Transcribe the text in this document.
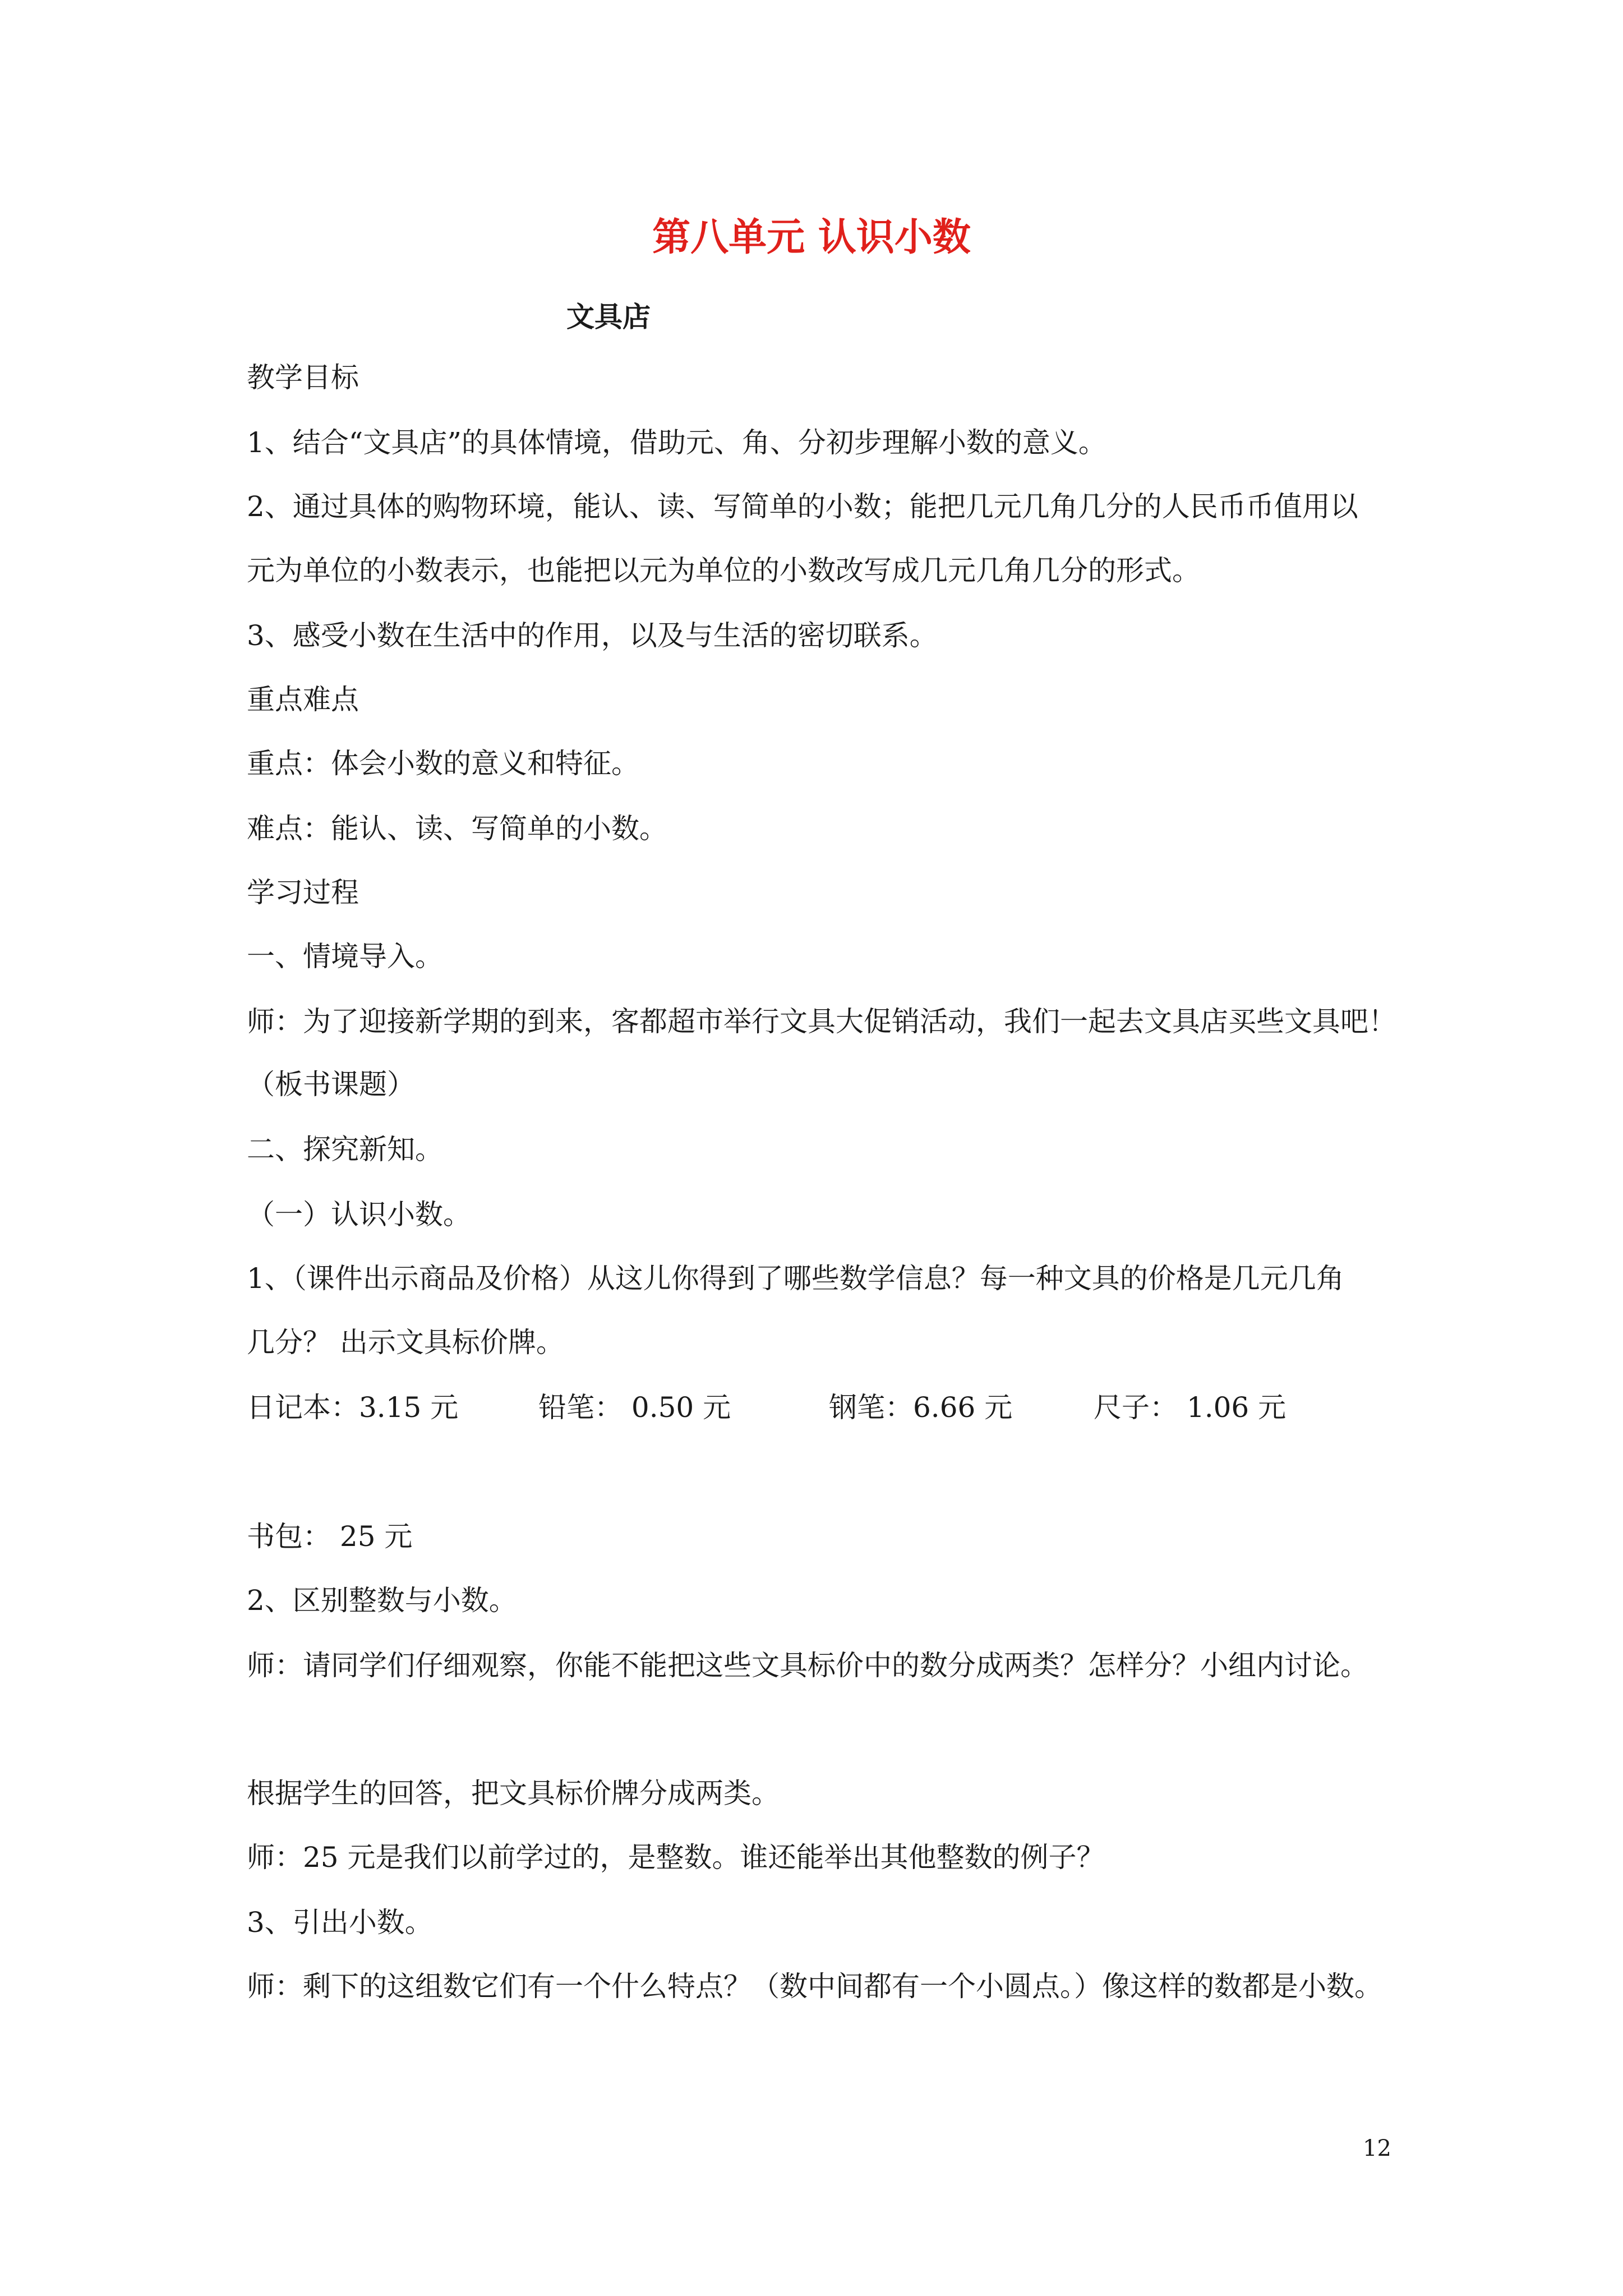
第八单元 认识小数
文具店
教学目标
1、结合“文具店”的具体情境，借助元、角、分初步理解小数的意义。
2、通过具体的购物环境，能认、读、写简单的小数；能把几元几角几分的人民币币值用以
元为单位的小数表示，也能把以元为单位的小数改写成几元几角几分的形式。
3、感受小数在生活中的作用，以及与生活的密切联系。
重点难点
重点：体会小数的意义和特征。
难点：能认、读、写简单的小数。
学习过程
一、情境导入。
师：为了迎接新学期的到来，客都超市举行文具大促销活动，我们一起去文具店买些文具吧！
（板书课题）
二、探究新知。
（一）认识小数。
1、（课件出示商品及价格）从这儿你得到了哪些数学信息？每一种文具的价格是几元几角
几分？ 出示文具标价牌。
日记本：3.15 元	铅笔： 0.50 元	钢笔：6.66 元	尺子： 1.06 元
书包： 25 元
2、区别整数与小数。
师：请同学们仔细观察，你能不能把这些文具标价中的数分成两类？怎样分？小组内讨论。
根据学生的回答，把文具标价牌分成两类。
师：25 元是我们以前学过的，是整数。谁还能举出其他整数的例子？
3、引出小数。
师：剩下的这组数它们有一个什么特点？（数中间都有一个小圆点。）像这样的数都是小数。
12
